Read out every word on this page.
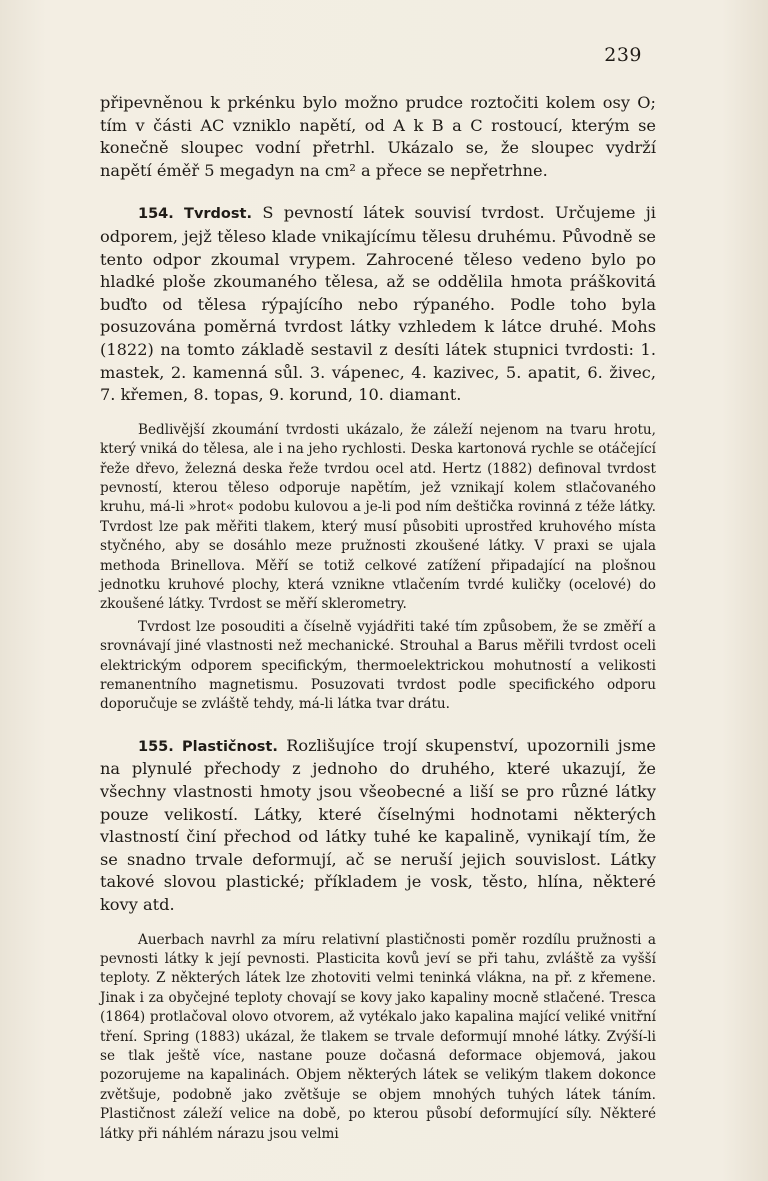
239

připevněnou k prkénku bylo možno prudce roztočiti kolem osy O; tím v části AC vzniklo napětí, od A k B a C rostoucí, kterým se konečně sloupec vodní přetrhl. Ukázalo se, že sloupec vydrží napětí éměř 5 megadyn na cm² a přece se nepřetrhne.

154. Tvrdost. S pevností látek souvisí tvrdost. Určujeme ji odporem, jejž těleso klade vnikajícímu tělesu druhému. Původně se tento odpor zkoumal vrypem. Zahrocené těleso vedeno bylo po hladké ploše zkoumaného tělesa, až se oddělila hmota práškovitá buďto od tělesa rýpajícího nebo rýpaného. Podle toho byla posuzována poměrná tvrdost látky vzhledem k látce druhé. Mohs (1822) na tomto základě sestavil z desíti látek stupnici tvrdosti: 1. mastek, 2. kamenná sůl. 3. vápenec, 4. kazivec, 5. apatit, 6. živec, 7. křemen, 8. topas, 9. korund, 10. diamant.

Bedlivější zkoumání tvrdosti ukázalo, že záleží nejenom na tvaru hrotu, který vniká do tělesa, ale i na jeho rychlosti. Deska kartonová rychle se otáčející řeže dřevo, železná deska řeže tvrdou ocel atd. Hertz (1882) definoval tvrdost pevností, kterou těleso odporuje napětím, jež vznikají kolem stlačovaného kruhu, má-li »hrot« podobu kulovou a je-li pod ním deštička rovinná z téže látky. Tvrdost lze pak měřiti tlakem, který musí působiti uprostřed kruhového místa styčného, aby se dosáhlo meze pružnosti zkoušené látky. V praxi se ujala methoda Brinellova. Měří se totiž celkové zatížení připadající na plošnou jednotku kruhové plochy, která vznikne vtlačením tvrdé kuličky (ocelové) do zkoušené látky. Tvrdost se měří sklerometry.

Tvrdost lze posouditi a číselně vyjádřiti také tím způsobem, že se změří a srovnávají jiné vlastnosti než mechanické. Strouhal a Barus měřili tvrdost oceli elektrickým odporem specifickým, thermoelektrickou mohutností a velikosti remanentního magnetismu. Posuzovati tvrdost podle specifického odporu doporučuje se zvláště tehdy, má-li látka tvar drátu.

155. Plastičnost. Rozlišujíce trojí skupenství, upozornili jsme na plynulé přechody z jednoho do druhého, které ukazují, že všechny vlastnosti hmoty jsou všeobecné a liší se pro různé látky pouze velikostí. Látky, které číselnými hodnotami některých vlastností činí přechod od látky tuhé ke kapalině, vynikají tím, že se snadno trvale deformují, ač se neruší jejich souvislost. Látky takové slovou plastické; příkladem je vosk, těsto, hlína, některé kovy atd.

Auerbach navrhl za míru relativní plastičnosti poměr rozdílu pružnosti a pevnosti látky k její pevnosti. Plasticita kovů jeví se při tahu, zvláště za vyšší teploty. Z některých látek lze zhotoviti velmi teninká vlákna, na př. z křemene. Jinak i za obyčejné teploty chovají se kovy jako kapaliny mocně stlačené. Tresca (1864) protlačoval olovo otvorem, až vytékalo jako kapalina mající veliké vnitřní tření. Spring (1883) ukázal, že tlakem se trvale deformují mnohé látky. Zvýší-li se tlak ještě více, nastane pouze dočasná deformace objemová, jakou pozorujeme na kapalinách. Objem některých látek se velikým tlakem dokonce zvětšuje, podobně jako zvětšuje se objem mnohých tuhých látek táním. Plastičnost záleží velice na době, po kterou působí deformující síly. Některé látky při náhlém nárazu jsou velmi
